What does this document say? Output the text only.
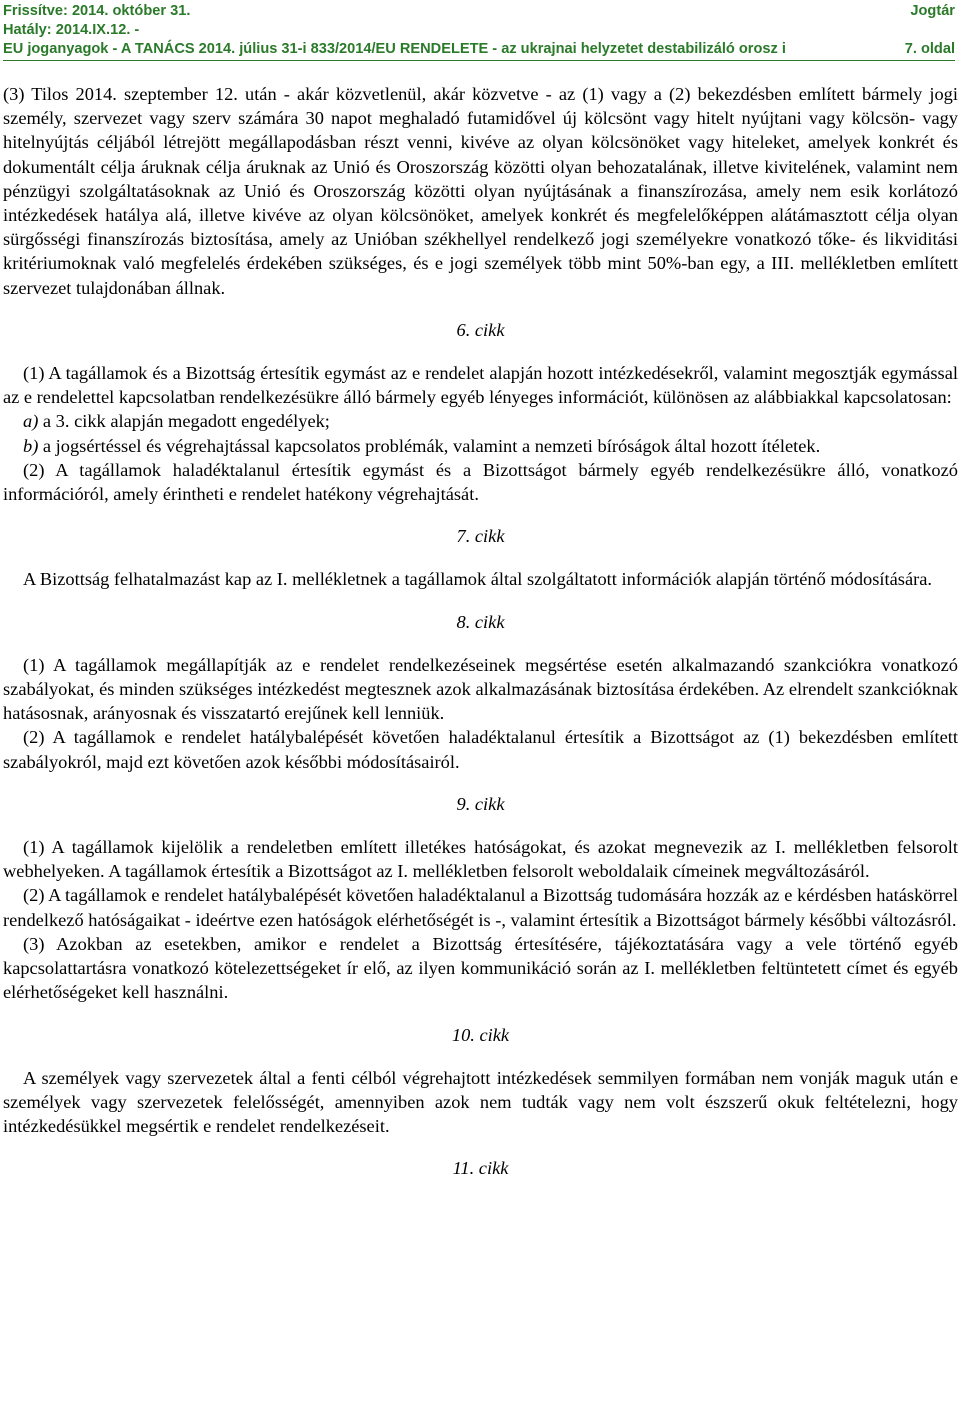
Frissítve: 2014. október 31.	Jogtár
Hatály: 2014.IX.12. -
EU joganyagok - A TANÁCS 2014. július 31-i 833/2014/EU RENDELETE - az ukrajnai helyzetet destabilizáló orosz i	7. oldal

(3) Tilos 2014. szeptember 12. után - akár közvetlenül, akár közvetve - az (1) vagy a (2) bekezdésben említett bármely jogi személy, szervezet vagy szerv számára 30 napot meghaladó futamidővel új kölcsönt vagy hitelt nyújtani vagy kölcsön- vagy hitelnyújtás céljából létrejött megállapodásban részt venni, kivéve az olyan kölcsönöket vagy hiteleket, amelyek konkrét és dokumentált célja áruknak célja áruknak az Unió és Oroszország közötti olyan behozatalának, illetve kivitelének, valamint nem pénzügyi szolgáltatásoknak az Unió és Oroszország közötti olyan nyújtásának a finanszírozása, amely nem esik korlátozó intézkedések hatálya alá, illetve kivéve az olyan kölcsönöket, amelyek konkrét és megfelelőképpen alátámasztott célja olyan sürgősségi finanszírozás biztosítása, amely az Unióban székhellyel rendelkező jogi személyekre vonatkozó tőke- és likviditási kritériumoknak való megfelelés érdekében szükséges, és e jogi személyek több mint 50%-ban egy, a III. mellékletben említett szervezet tulajdonában állnak.

6. cikk

(1) A tagállamok és a Bizottság értesítik egymást az e rendelet alapján hozott intézkedésekről, valamint megosztják egymással az e rendelettel kapcsolatban rendelkezésükre álló bármely egyéb lényeges információt, különösen az alábbiakkal kapcsolatosan:

a) a 3. cikk alapján megadott engedélyek;

b) a jogsértéssel és végrehajtással kapcsolatos problémák, valamint a nemzeti bíróságok által hozott ítéletek.

(2) A tagállamok haladéktalanul értesítik egymást és a Bizottságot bármely egyéb rendelkezésükre álló, vonatkozó információról, amely érintheti e rendelet hatékony végrehajtását.

7. cikk

A Bizottság felhatalmazást kap az I. mellékletnek a tagállamok által szolgáltatott információk alapján történő módosítására.

8. cikk

(1) A tagállamok megállapítják az e rendelet rendelkezéseinek megsértése esetén alkalmazandó szankciókra vonatkozó szabályokat, és minden szükséges intézkedést megtesznek azok alkalmazásának biztosítása érdekében. Az elrendelt szankcióknak hatásosnak, arányosnak és visszatartó erejűnek kell lenniük.

(2) A tagállamok e rendelet hatálybalépését követően haladéktalanul értesítik a Bizottságot az (1) bekezdésben említett szabályokról, majd ezt követően azok későbbi módosításairól.

9. cikk

(1) A tagállamok kijelölik a rendeletben említett illetékes hatóságokat, és azokat megnevezik az I. mellékletben felsorolt webhelyeken. A tagállamok értesítik a Bizottságot az I. mellékletben felsorolt weboldalaik címeinek megváltozásáról.

(2) A tagállamok e rendelet hatálybalépését követően haladéktalanul a Bizottság tudomására hozzák az e kérdésben hatáskörrel rendelkező hatóságaikat - ideértve ezen hatóságok elérhetőségét is -, valamint értesítik a Bizottságot bármely későbbi változásról.

(3) Azokban az esetekben, amikor e rendelet a Bizottság értesítésére, tájékoztatására vagy a vele történő egyéb kapcsolattartásra vonatkozó kötelezettségeket ír elő, az ilyen kommunikáció során az I. mellékletben feltüntetett címet és egyéb elérhetőségeket kell használni.

10. cikk

A személyek vagy szervezetek által a fenti célból végrehajtott intézkedések semmilyen formában nem vonják maguk után e személyek vagy szervezetek felelősségét, amennyiben azok nem tudták vagy nem volt észszerű okuk feltételezni, hogy intézkedésükkel megsértik e rendelet rendelkezéseit.

11. cikk
